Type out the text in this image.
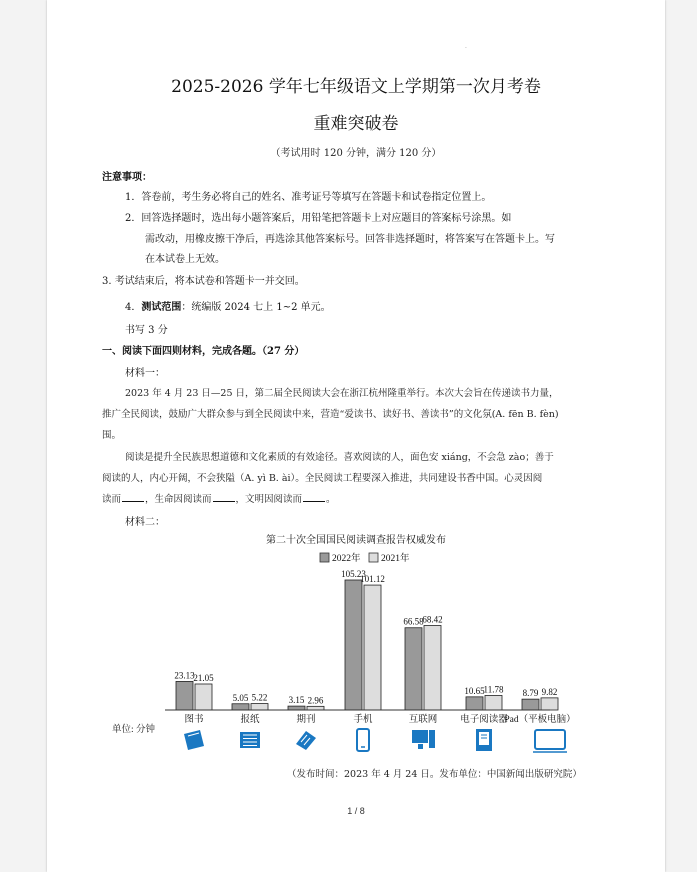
·
2025-2026 学年七年级语文上学期第一次月考卷
重难突破卷
（考试用时 120 分钟，满分 120 分）
注意事项：
1．答卷前，考生务必将自己的姓名、准考证号等填写在答题卡和试卷指定位置上。
2．回答选择题时，选出每小题答案后，用铅笔把答题卡上对应题目的答案标号涂黑。如
需改动，用橡皮擦干净后，再选涂其他答案标号。回答非选择题时，将答案写在答题卡上。写
在本试卷上无效。
3. 考试结束后，将本试卷和答题卡一并交回。
4．测试范围：统编版 2024 七上 1~2 单元。
书写 3 分
一、阅读下面四则材料，完成各题。（27 分）
材料一：
2023 年 4 月 23 日—25 日，第二届全民阅读大会在浙江杭州隆重举行。本次大会旨在传递读书力量，
推广全民阅读，鼓励广大群众参与到全民阅读中来，营造“爱读书、读好书、善读书”的文化氛(A. fēn B. fèn)
围。
阅读是提升全民族思想道德和文化素质的有效途径。喜欢阅读的人，面色安 xiáng，不会急 zào；善于
阅读的人，内心开阔，不会狭隘（A. yì B. ài）。全民阅读工程要深入推进，共同建设书香中国。心灵因阅
读而	，生命因阅读而	，文明因阅读而	。
材料二：
第二十次全国国民阅读调查报告权威发布
2022年 2021年
23.13
21.05
5.05 5.22 3.15 2.96
105.23
101.12
66.58
68.42
10.65
11.78 8.79 9.82
图书	报纸	期刊	手机	互联网 电子阅读器
Pad（平板电脑）
单位: 分钟
（发布时间：2023 年 4 月 24 日。发布单位：中国新闻出版研究院）
1 / 8
